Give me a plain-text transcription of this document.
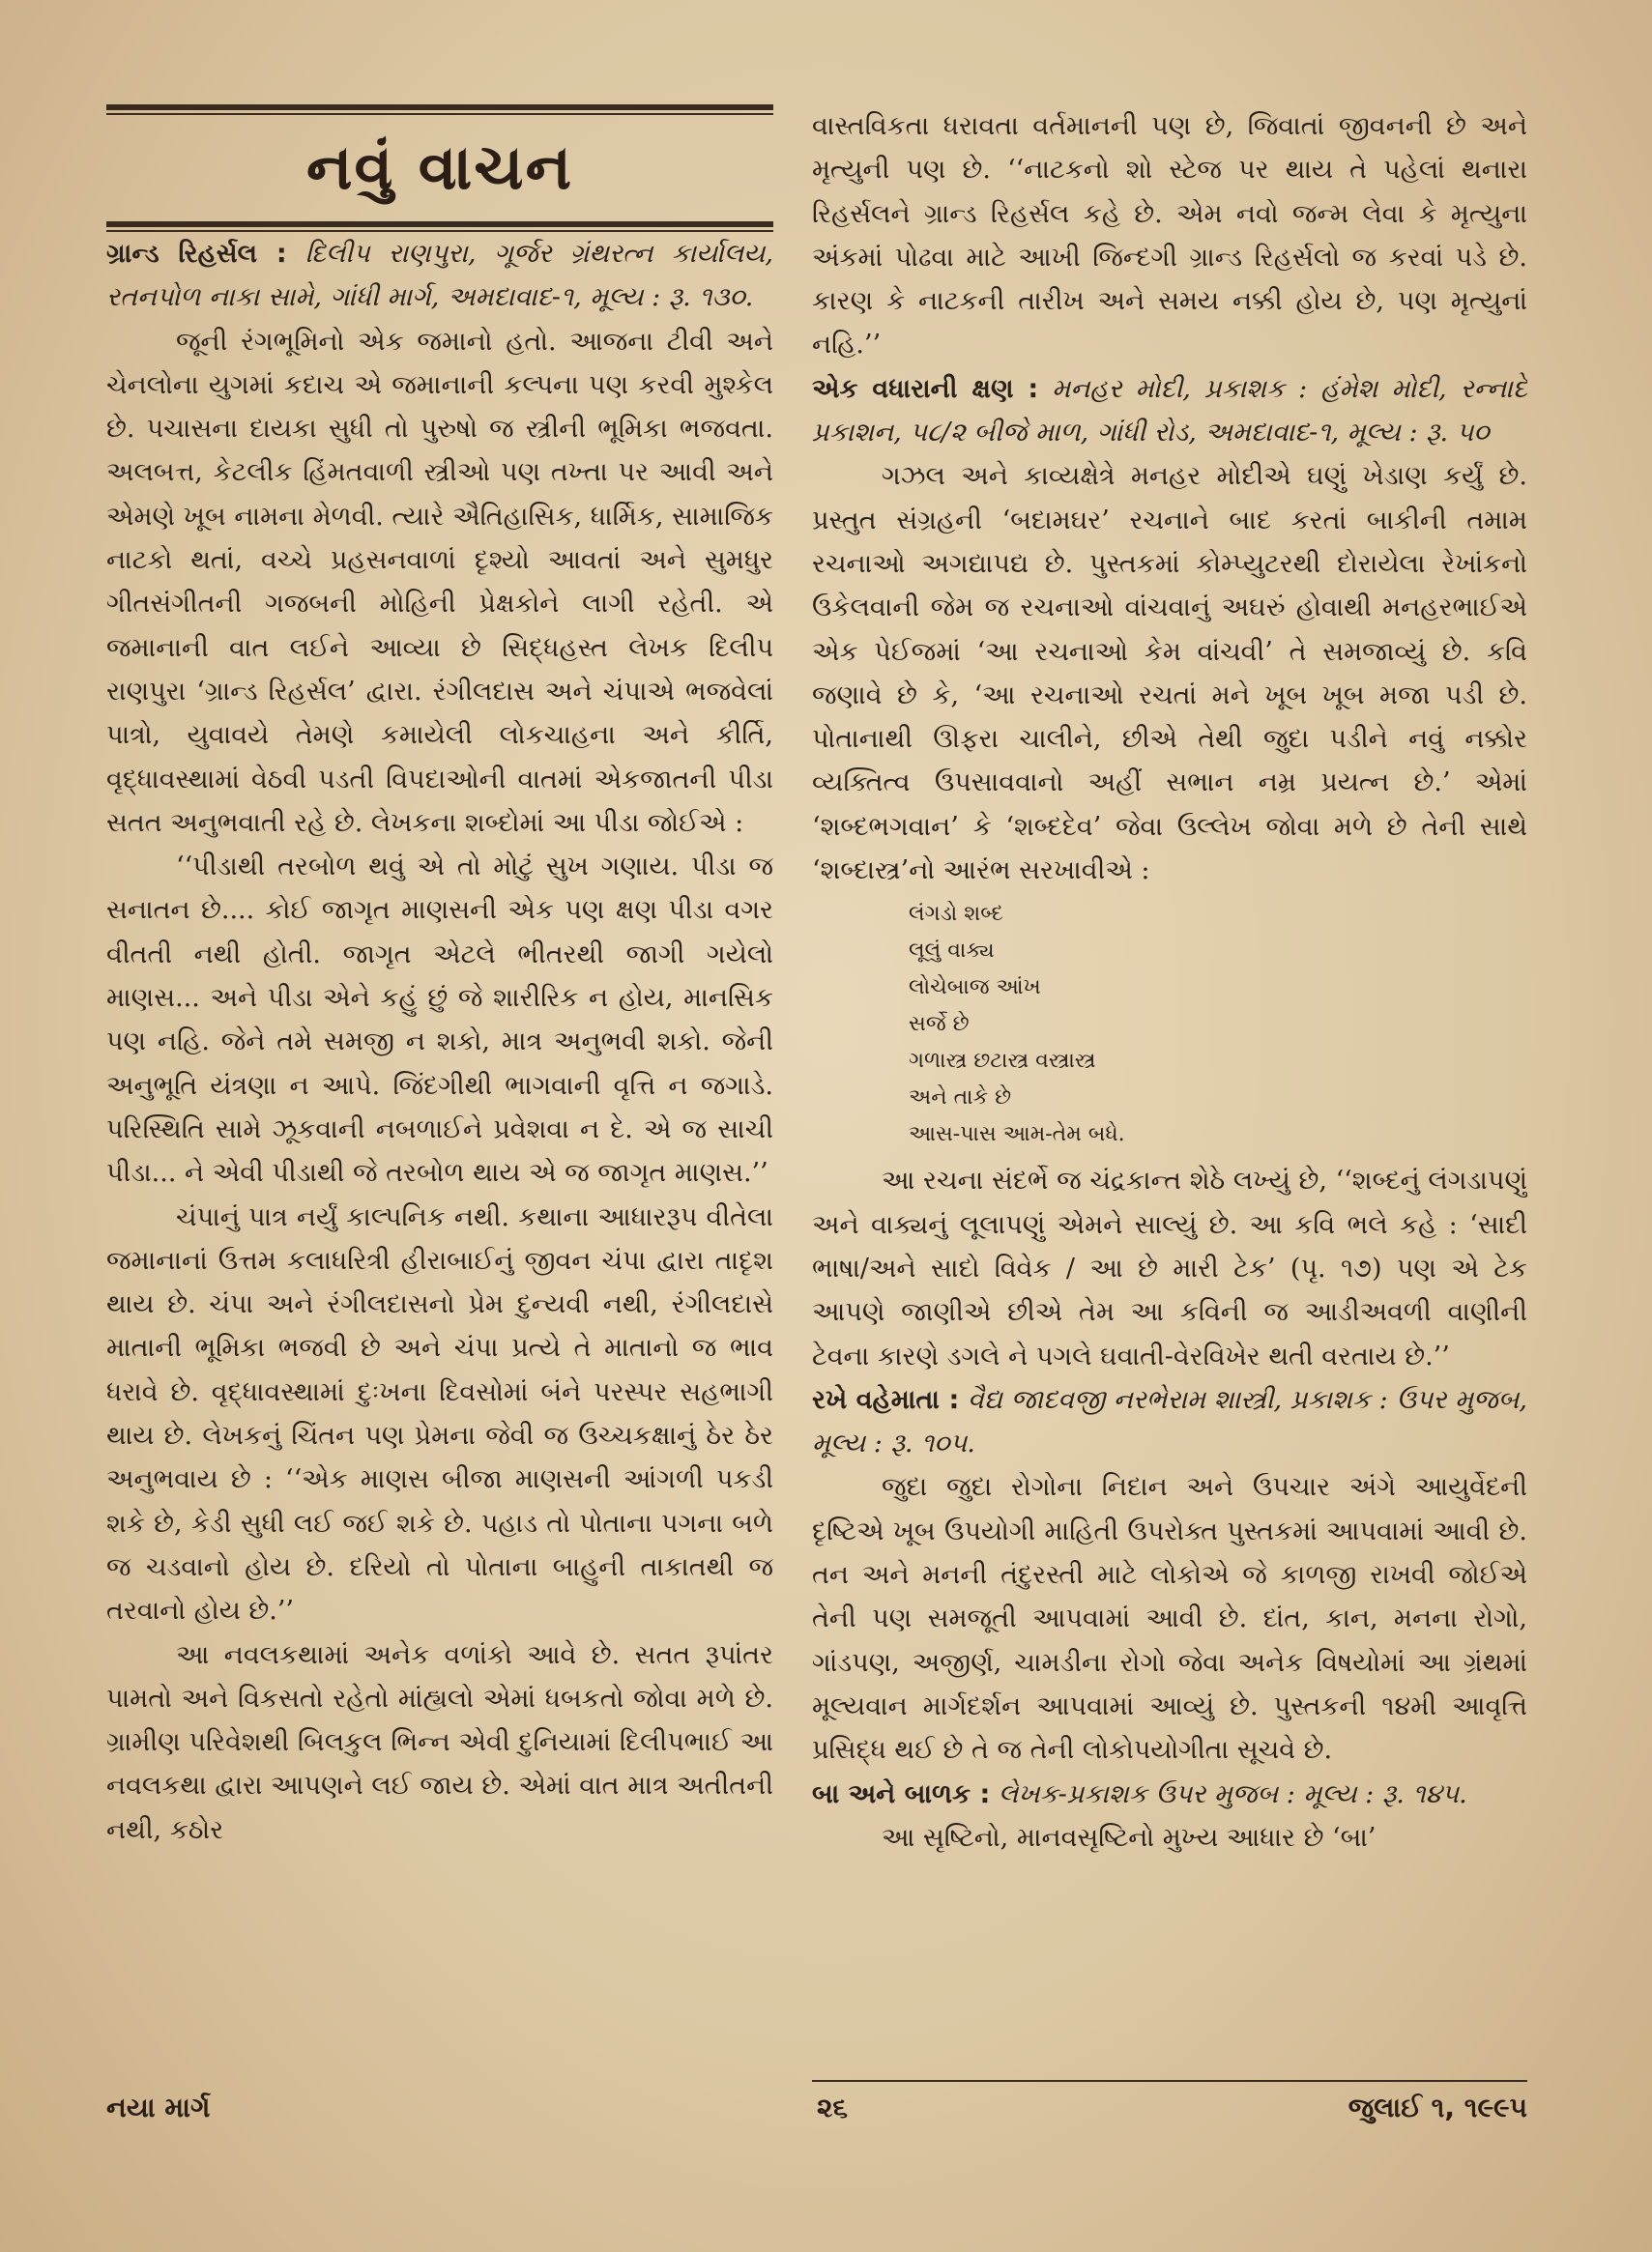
નવું વાચન

ગ્રાન્ડ રિહર્સલ : દિલીપ રાણપુરા, ગૂર્જર ગ્રંથરત્ન કાર્યાલય, રતનપોળ નાકા સામે, ગાંધી માર્ગ, અમદાવાદ-૧, મૂલ્ય : રૂ. ૧૩૦.

જૂની રંગભૂમિનો એક જમાનો હતો. આજના ટીવી અને ચેનલોના યુગમાં કદાચ એ જમાનાની કલ્પના પણ કરવી મુશ્કેલ છે. પચાસના દાયકા સુધી તો પુરુષો જ સ્ત્રીની ભૂમિકા ભજવતા. અલબત્ત, કેટલીક હિંમતવાળી સ્ત્રીઓ પણ તખ્તા પર આવી અને એમણે ખૂબ નામના મેળવી. ત્યારે ઐતિહાસિક, ધાર્મિક, સામાજિક નાટકો થતાં, વચ્ચે પ્રહસનવાળાં દૃશ્યો આવતાં અને સુમધુર ગીતસંગીતની ગજબની મોહિની પ્રેક્ષકોને લાગી રહેતી. એ જમાનાની વાત લઈને આવ્યા છે સિદ્ધહસ્ત લેખક દિલીપ રાણપુરા ‘ગ્રાન્ડ રિહર્સલ’ દ્વારા. રંગીલદાસ અને ચંપાએ ભજવેલાં પાત્રો, યુવાવયે તેમણે કમાયેલી લોકચાહના અને કીર્તિ, વૃદ્ધાવસ્થામાં વેઠવી પડતી વિપદાઓની વાતમાં એકજાતની પીડા સતત અનુભવાતી રહે છે. લેખકના શબ્દોમાં આ પીડા જોઈએ :

‘‘પીડાથી તરબોળ થવું એ તો મોટું સુખ ગણાય. પીડા જ સનાતન છે.... કોઈ જાગૃત માણસની એક પણ ક્ષણ પીડા વગર વીતતી નથી હોતી. જાગૃત એટલે ભીતરથી જાગી ગયેલો માણસ... અને પીડા એને કહું છું જે શારીરિક ન હોય, માનસિક પણ નહિ. જેને તમે સમજી ન શકો, માત્ર અનુભવી શકો. જેની અનુભૂતિ યંત્રણા ન આપે. જિંદગીથી ભાગવાની વૃત્તિ ન જગાડે. પરિસ્થિતિ સામે ઝૂકવાની નબળાઈને પ્રવેશવા ન દે. એ જ સાચી પીડા... ને એવી પીડાથી જે તરબોળ થાય એ જ જાગૃત માણસ.’’

ચંપાનું પાત્ર નર્યું કાલ્પનિક નથી. કથાના આધારરૂપ વીતેલા જમાનાનાં ઉત્તમ કલાધરિત્રી હીરાબાઈનું જીવન ચંપા દ્વારા તાદૃશ થાય છે. ચંપા અને રંગીલદાસનો પ્રેમ દુન્યવી નથી, રંગીલદાસે માતાની ભૂમિકા ભજવી છે અને ચંપા પ્રત્યે તે માતાનો જ ભાવ ધરાવે છે. વૃદ્ધાવસ્થામાં દુઃખના દિવસોમાં બંને પરસ્પર સહભાગી થાય છે. લેખકનું ચિંતન પણ પ્રેમના જેવી જ ઉચ્ચકક્ષાનું ઠેર ઠેર અનુભવાય છે : ‘‘એક માણસ બીજા માણસની આંગળી પકડી શકે છે, કેડી સુધી લઈ જઈ શકે છે. પહાડ તો પોતાના પગના બળે જ ચડવાનો હોય છે. દરિયો તો પોતાના બાહુની તાકાતથી જ તરવાનો હોય છે.’’

આ નવલકથામાં અનેક વળાંકો આવે છે. સતત રૂપાંતર પામતો અને વિકસતો રહેતો માંહ્યલો એમાં ધબકતો જોવા મળે છે. ગ્રામીણ પરિવેશથી બિલકુલ ભિન્ન એવી દુનિયામાં દિલીપભાઈ આ નવલકથા દ્વારા આપણને લઈ જાય છે. એમાં વાત માત્ર અતીતની નથી, કઠોર

વાસ્તવિકતા ધરાવતા વર્તમાનની પણ છે, જિવાતાં જીવનની છે અને મૃત્યુની પણ છે. ‘‘નાટકનો શો સ્ટેજ પર થાય તે પહેલાં થનારા રિહર્સલને ગ્રાન્ડ રિહર્સલ કહે છે. એમ નવો જન્મ લેવા કે મૃત્યુના અંકમાં પોઢવા માટે આખી જિન્દગી ગ્રાન્ડ રિહર્સલો જ કરવાં પડે છે. કારણ કે નાટકની તારીખ અને સમય નક્કી હોય છે, પણ મૃત્યુનાં નહિ.’’

એક વધારાની ક્ષણ : મનહર મોદી, પ્રકાશક : હંમેશ મોદી, રન્નાદે પ્રકાશન, ૫૮/૨ બીજે માળ, ગાંધી રોડ, અમદાવાદ-૧, મૂલ્ય : રૂ. ૫૦

ગઝલ અને કાવ્યક્ષેત્રે મનહર મોદીએ ઘણું ખેડાણ કર્યું છે. પ્રસ્તુત સંગ્રહની ‘બદામઘર’ રચનાને બાદ કરતાં બાકીની તમામ રચનાઓ અગદ્યાપદ્ય છે. પુસ્તકમાં કોમ્પ્યુટરથી દોરાયેલા રેખાંકનો ઉકેલવાની જેમ જ રચનાઓ વાંચવાનું અઘરું હોવાથી મનહરભાઈએ એક પેઈજમાં ‘આ રચનાઓ કેમ વાંચવી’ તે સમજાવ્યું છે. કવિ જણાવે છે કે, ‘આ રચનાઓ રચતાં મને ખૂબ ખૂબ મજા પડી છે. પોતાનાથી ઊફરા ચાલીને, છીએ તેથી જુદા પડીને નવું નક્કોર વ્યક્તિત્વ ઉપસાવવાનો અહીં સભાન નમ્ર પ્રયત્ન છે.’ એમાં ‘શબ્દભગવાન’ કે ‘શબ્દદેવ’ જેવા ઉલ્લેખ જોવા મળે છે તેની સાથે ‘શબ્દાસ્ત્ર’નો આરંભ સરખાવીએ :

લંગડો શબ્દ
લૂલું વાક્ય
લોચેબાજ આંખ
સર્જે છે
ગળાસ્ત્ર છટાસ્ત્ર વસ્ત્રાસ્ત્ર
અને તાકે છે
આસ-પાસ આમ-તેમ બધે.

આ રચના સંદર્ભે જ ચંદ્રકાન્ત શેઠે લખ્યું છે, ‘‘શબ્દનું લંગડાપણું અને વાક્યનું લૂલાપણું એમને સાલ્યું છે. આ કવિ ભલે કહે : ‘સાદી ભાષા/અને સાદો વિવેક / આ છે મારી ટેક’ (પૃ. ૧૭) પણ એ ટેક આપણે જાણીએ છીએ તેમ આ કવિની જ આડીઅવળી વાણીની ટેવના કારણે ડગલે ને પગલે ઘવાતી-વેરવિખેર થતી વરતાય છે.’’

રખે વહેમાતા : વૈદ્ય જાદવજી નરભેરામ શાસ્ત્રી, પ્રકાશક : ઉપર મુજબ, મૂલ્ય : રૂ. ૧૦૫.

જુદા જુદા રોગોના નિદાન અને ઉપચાર અંગે આયુર્વેદની દૃષ્ટિએ ખૂબ ઉપયોગી માહિતી ઉપરોક્ત પુસ્તકમાં આપવામાં આવી છે. તન અને મનની તંદુરસ્તી માટે લોકોએ જે કાળજી રાખવી જોઈએ તેની પણ સમજૂતી આપવામાં આવી છે. દાંત, કાન, મનના રોગો, ગાંડપણ, અજીર્ણ, ચામડીના રોગો જેવા અનેક વિષયોમાં આ ગ્રંથમાં મૂલ્યવાન માર્ગદર્શન આપવામાં આવ્યું છે. પુસ્તકની ૧૪મી આવૃત્તિ પ્રસિદ્ધ થઈ છે તે જ તેની લોકોપયોગીતા સૂચવે છે.

બા અને બાળક : લેખક-પ્રકાશક ઉપર મુજબ : મૂલ્ય : રૂ. ૧૪૫.

આ સૃષ્ટિનો, માનવસૃષ્ટિનો મુખ્ય આધાર છે ‘બા’

નયા માર્ગ	૨૬	જુલાઈ ૧, ૧૯૯૫
